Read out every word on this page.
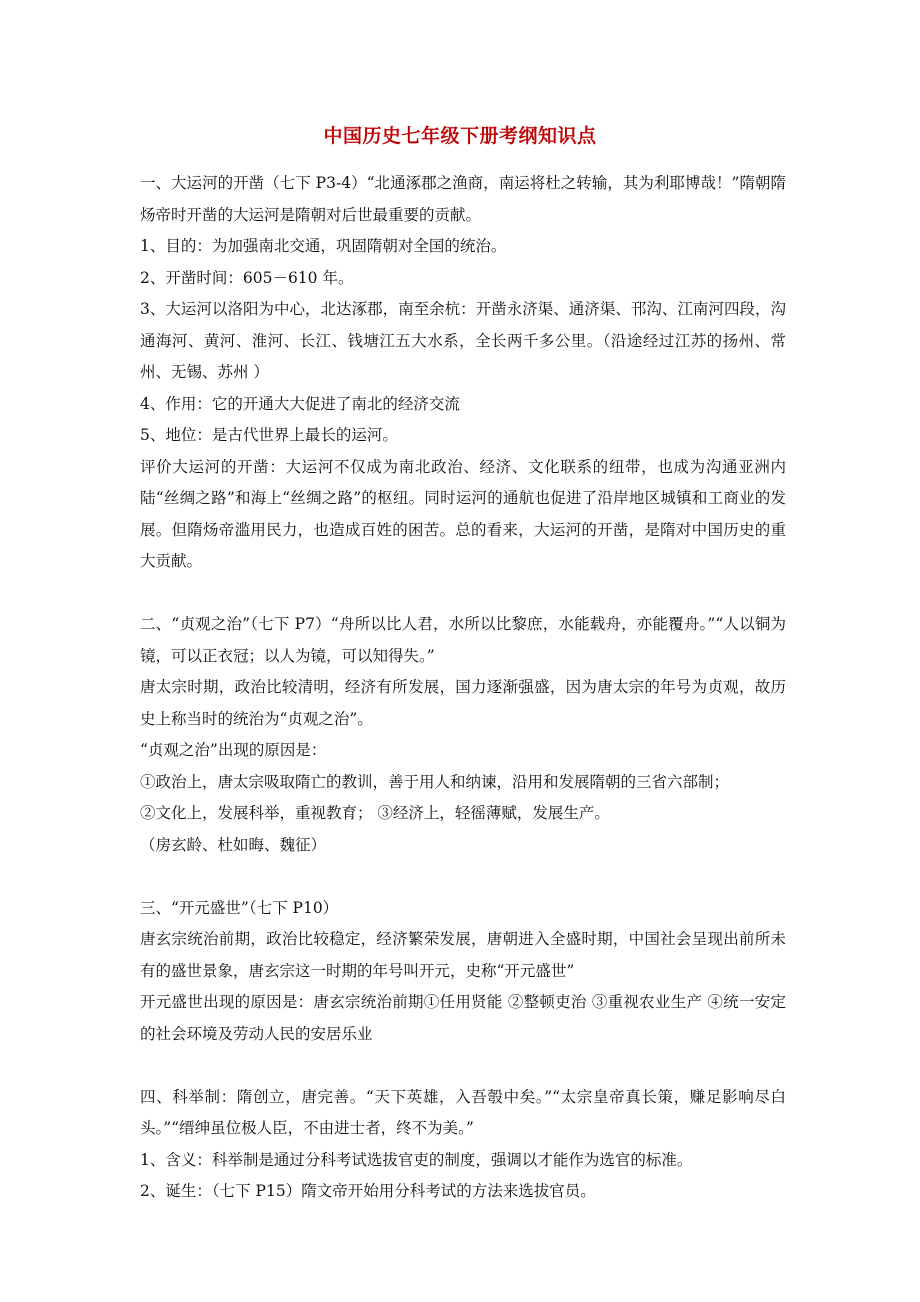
中国历史七年级下册考纲知识点

一、大运河的开凿（七下 P3-4）“北通涿郡之渔商，南运将杜之转输，其为利耶博哉！”隋朝隋炀帝时开凿的大运河是隋朝对后世最重要的贡献。

1、目的：为加强南北交通，巩固隋朝对全国的统治。

2、开凿时间：605－610 年。

3、大运河以洛阳为中心，北达涿郡，南至余杭：开凿永济渠、通济渠、邗沟、江南河四段，沟通海河、黄河、淮河、长江、钱塘江五大水系，全长两千多公里。（沿途经过江苏的扬州、常州、无锡、苏州 ）

4、作用：它的开通大大促进了南北的经济交流

5、地位：是古代世界上最长的运河。

评价大运河的开凿：大运河不仅成为南北政治、经济、文化联系的纽带，也成为沟通亚洲内陆“丝绸之路”和海上“丝绸之路”的枢纽。同时运河的通航也促进了沿岸地区城镇和工商业的发展。但隋炀帝滥用民力，也造成百姓的困苦。总的看来，大运河的开凿，是隋对中国历史的重大贡献。

二、“贞观之治”（七下 P7）“舟所以比人君，水所以比黎庶，水能载舟，亦能覆舟。”“人以铜为镜，可以正衣冠；以人为镜，可以知得失。”

唐太宗时期，政治比较清明，经济有所发展，国力逐渐强盛，因为唐太宗的年号为贞观，故历史上称当时的统治为“贞观之治”。

“贞观之治”出现的原因是：

①政治上，唐太宗吸取隋亡的教训，善于用人和纳谏，沿用和发展隋朝的三省六部制；

②文化上，发展科举，重视教育； ③经济上，轻徭薄赋，发展生产。

（房玄龄、杜如晦、魏征）

三、“开元盛世”（七下 P10）

唐玄宗统治前期，政治比较稳定，经济繁荣发展，唐朝进入全盛时期，中国社会呈现出前所未有的盛世景象，唐玄宗这一时期的年号叫开元，史称“开元盛世”

开元盛世出现的原因是：唐玄宗统治前期①任用贤能 ②整顿吏治 ③重视农业生产 ④统一安定的社会环境及劳动人民的安居乐业

四、科举制：隋创立，唐完善。“天下英雄，入吾彀中矣。”“太宗皇帝真长策，赚足影响尽白头。”“缙绅虽位极人臣，不由进士者，终不为美。”

1、含义：科举制是通过分科考试选拔官吏的制度，强调以才能作为选官的标准。

2、诞生：（七下 P15）隋文帝开始用分科考试的方法来选拔官员。
